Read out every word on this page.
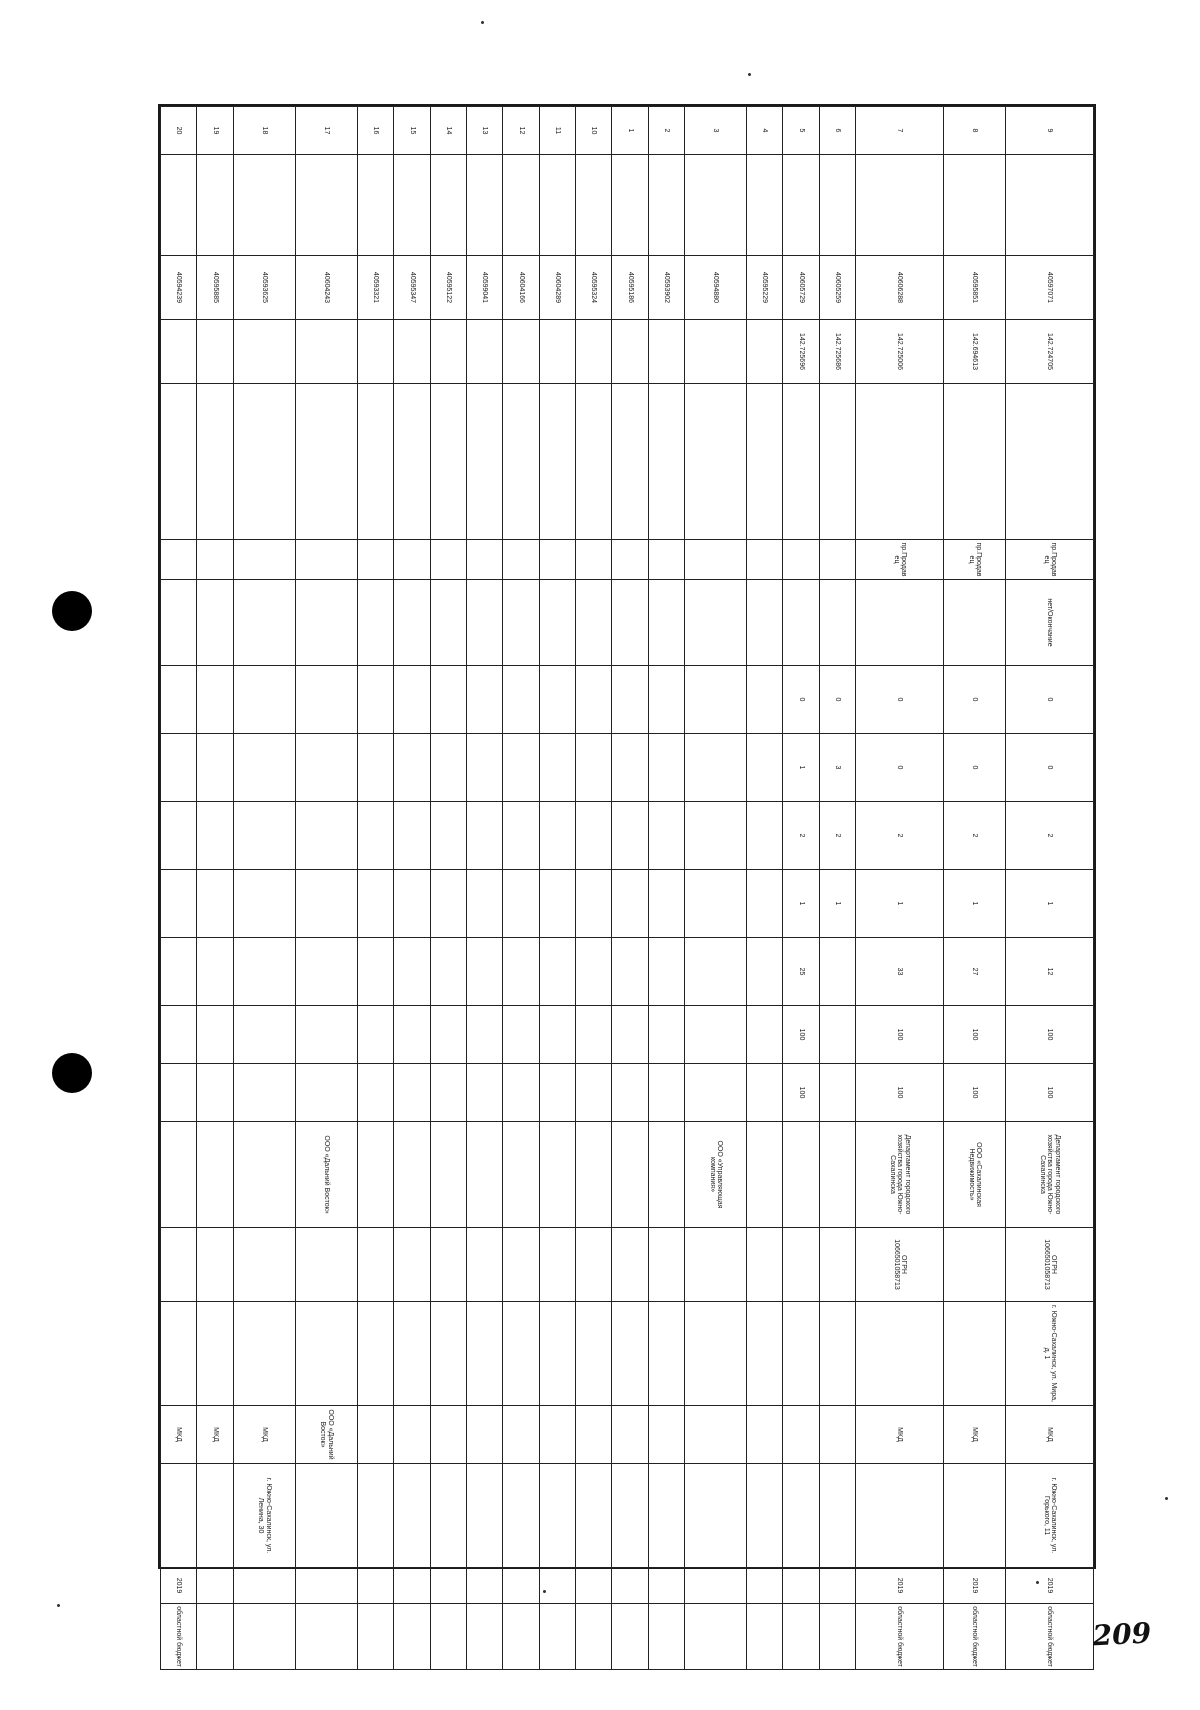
9		40597071	142.724705		пр.Продавец	нет/Окончание	0	0	2	1	12	100	100	Департамент городского хозяйства города Южно-Сахалинска	ОГРН 1066501058713	г. Южно-Сахалинск, ул. Мира, д. 1	МКД	г. Южно-Сахалинск, ул. Горького, 11	2019	областной бюджет
8		40595851	142.694613		пр.Продавец		0	0	2	1	27	100	100	ООО «Сахалинская Недвижимость»			МКД		2019	областной бюджет
7		40606288	142.725006		пр.Продавец		0	0	2	1	33	100	100	Департамент городского хозяйства города Южно-Сахалинска	ОГРН 1066501058713		МКД		2019	областной бюджет
6		40605259	142.725686				0	3	2	1										
5		40605729	142.725696				0	1	2	1	25	100	100							
4		40595229																		
3		40594880												ООО «Управляющая компания»						
2		40593902																		
1		40595186																		
10		40595324																		
11		40604289																		
12		40604166																		
13		40599041																		
14		40595122																		
15		40595347																		
16		40593321																		
17		40604243												ООО «Дальний Восток»			ООО «Дальний Восток»			
18		40593625															МКД	г. Южно-Сахалинск, ул. Ленина, 30		
19		40595885															МКД			
20		40594239															МКД		2019	областной бюджет	209
